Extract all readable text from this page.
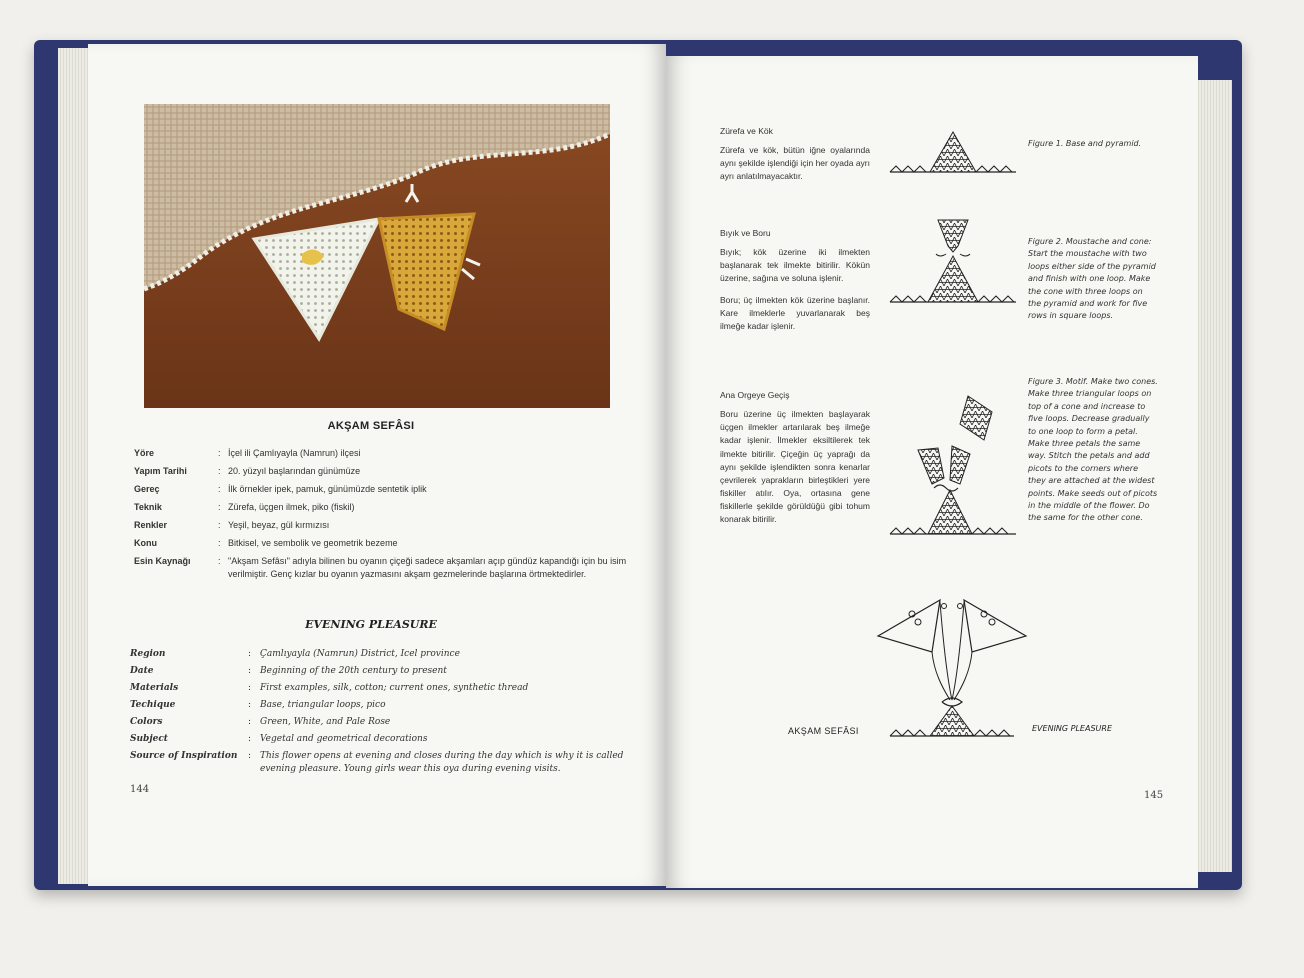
AKŞAM SEFÂSI
Yöre	: İçel ili Çamlıyayla (Namrun) ilçesi
Yapım Tarihi	: 20. yüzyıl başlarından günümüze
Gereç	: İlk örnekler ipek, pamuk, günümüzde sentetik iplik
Teknik	: Zürefa, üçgen ilmek, piko (fiskil)
Renkler	: Yeşil, beyaz, gül kırmızısı
Konu	: Bitkisel, ve sembolik ve geometrik bezeme
Esin Kaynağı	: "Akşam Sefâsı" adıyla bilinen bu oyanın çiçeği sadece akşamları açıp gündüz kapandığı için bu isim verilmiştir. Genç kızlar bu oyanın yazmasını akşam gezmelerinde başlarına örtmektedirler.
EVENING PLEASURE
Region	: Çamlıyayla (Namrun) District, Icel province
Date	: Beginning of the 20th century to present
Materials	: First examples, silk, cotton; current ones, synthetic thread
Techique	: Base, triangular loops, pico
Colors	: Green, White, and Pale Rose
Subject	: Vegetal and geometrical decorations
Source of Inspiration	: This flower opens at evening and closes during the day which is why it is called evening pleasure. Young girls wear this oya during evening visits.
144
Zürefa ve Kök

Zürefa ve kök, bütün iğne oyalarında aynı şekilde işlendiği için her oyada ayrı ayrı anlatılmayacaktır.

Bıyık ve Boru

Bıyık; kök üzerine iki ilmekten başlanarak tek ilmekte bitirilir. Kökün üzerine, sağına ve soluna işlenir.

Boru; üç ilmekten kök üzerine başlanır. Kare ilmeklerle yuvarlanarak beş ilmeğe kadar işlenir.

Ana Orgeye Geçiş

Boru üzerine üç ilmekten başlayarak üçgen ilmekler artarılarak beş ilmeğe kadar işlenir. İlmekler eksiltilerek tek ilmekte bitirilir. Çiçeğin üç yaprağı da aynı şekilde işlendikten sonra kenarlar çevrilerek yaprakların birleştikleri yere fiskiller atılır. Oya, ortasına gene fiskillerle şekilde görüldüğü gibi tohum konarak bitirilir.

Figure 1. Base and pyramid.
Figure 2. Moustache and cone: Start the moustache with two loops either side of the pyramid and finish with one loop. Make the cone with three loops on the pyramid and work for five rows in square loops.
Figure 3. Motif. Make two cones. Make three triangular loops on top of a cone and increase to five loops. Decrease gradually to one loop to form a petal. Make three petals the same way. Stitch the petals and add picots to the corners where they are attached at the widest points. Make seeds out of picots in the middle of the flower. Do the same for the other cone.
AKŞAM SEFÂSI	EVENING PLEASURE
145
